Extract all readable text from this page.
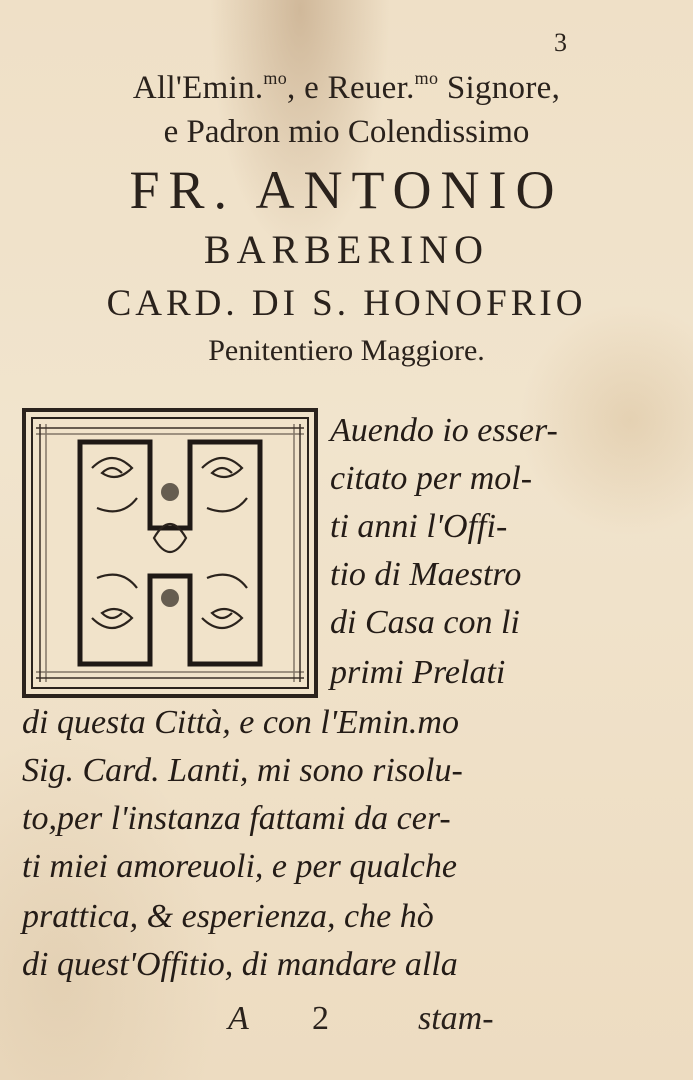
3
All'Emin.$^{mo}$, e Reuer.$^{mo}$ Signore,
e Padron mio Colendissimo
FR. ANTONIO
BARBERINO
CARD. DI S. HONOFRIO
Penitentiero Maggiore.
Auendo io esser-
citato per mol-
ti anni l'Offi-
tio di Maestro
di Casa con li
primi Prelati
di questa Città, e con l'Emin.mo
Sig. Card. Lanti, mi sono risolu-
to,per l'instanza fattami da cer-
ti miei amoreuoli, e per qualche
prattica, & esperienza, che hò
di quest'Offitio, di mandare alla
A 2	stam-
